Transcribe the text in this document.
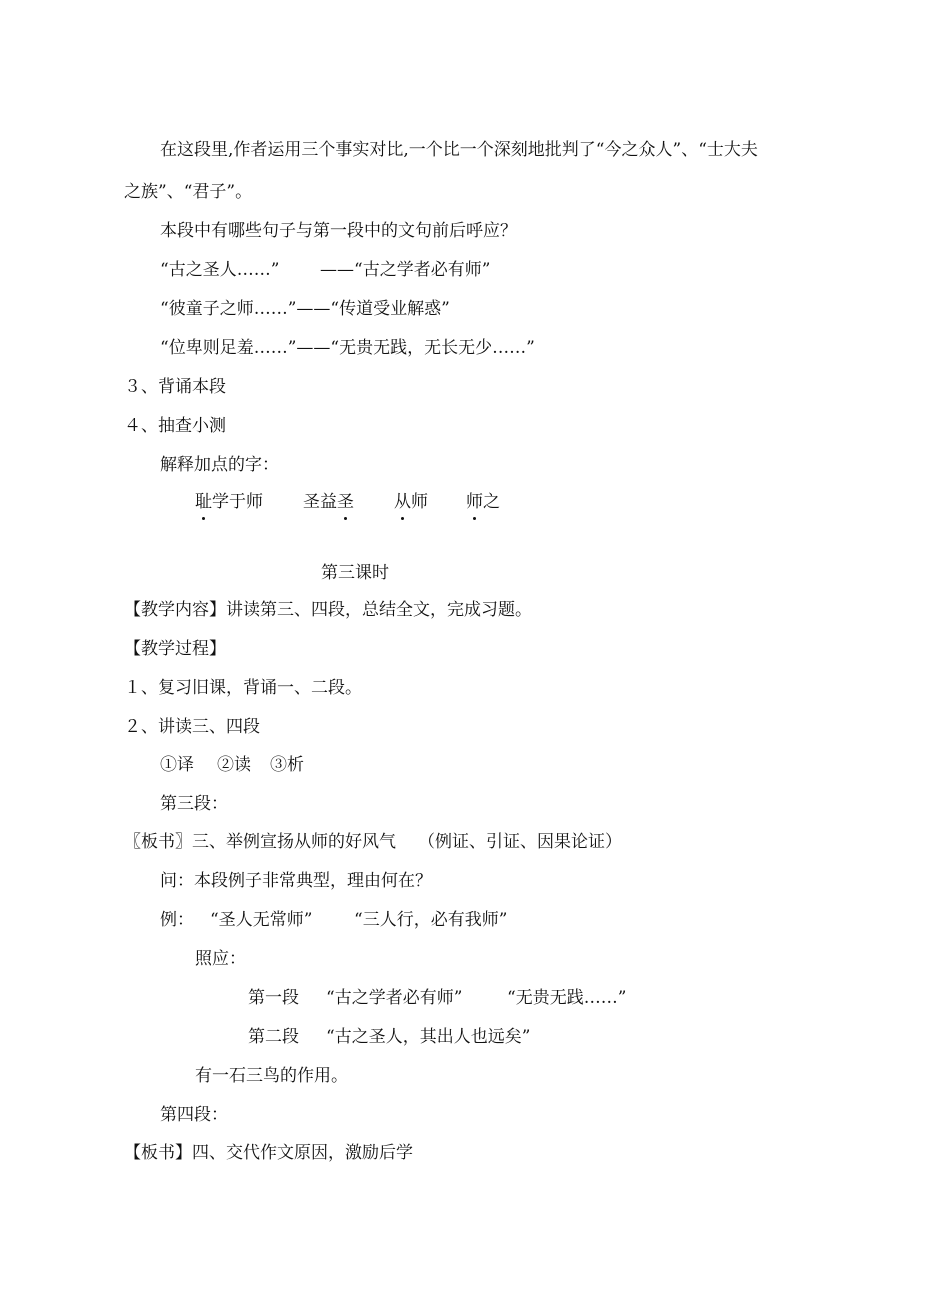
在这段里,作者运用三个事实对比,一个比一个深刻地批判了“今之众人”、“士大夫
之族”、“君子”。
本段中有哪些句子与第一段中的文句前后呼应？
“古之圣人……” ——“古之学者必有师”
“彼童子之师……”——“传道受业解惑”
“位卑则足羞……”——“无贵无践，无长无少……”
３、背诵本段
４、抽查小测
解释加点的字：
耻学于师 圣益圣 从师 师之
第三课时
【教学内容】讲读第三、四段，总结全文，完成习题。
【教学过程】
１、复习旧课，背诵一、二段。
２、讲读三、四段
①译 ②读 ③析
第三段：
〖板书〗三、举例宣扬从师的好风气 （例证、引证、因果论证）
问：本段例子非常典型，理由何在？
例： “圣人无常师” “三人行，必有我师”
照应：
第一段 “古之学者必有师”	“无贵无践……”
第二段 “古之圣人，其出人也远矣”
有一石三鸟的作用。
第四段：
【板书】四、交代作文原因，激励后学
